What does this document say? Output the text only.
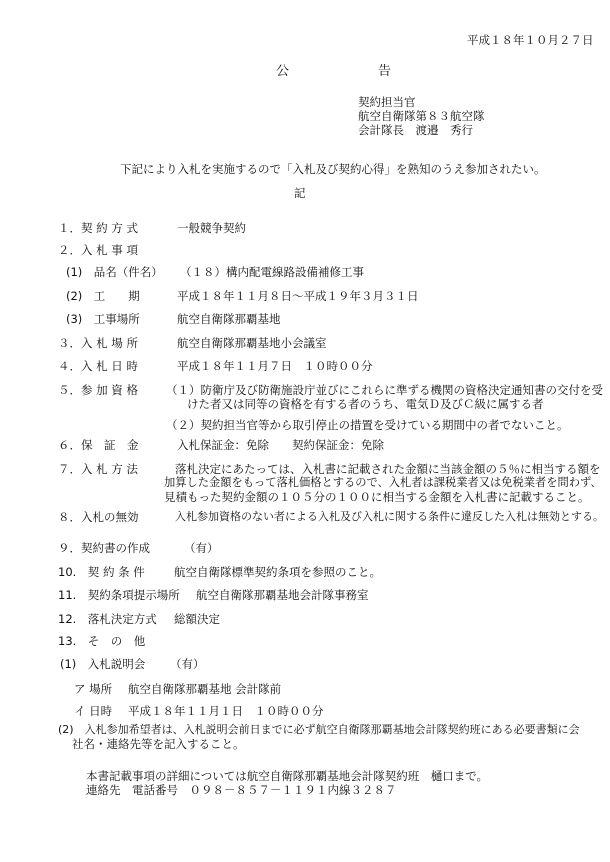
平成１８年１０月２７日
公　告
契約担当官
航空自衛隊第８３航空隊
会計隊長　渡邉　秀行
下記により入札を実施するので「入札及び契約心得」を熟知のうえ参加されたい。
記
１．契 約 方 式	一般競争契約
２．入 札 事 項
(1)　品名（件名） （１８）構内配電線路設備補修工事
(2)　工　　期	平成１８年１１月８日～平成１９年３月３１日
(3)　工事場所	航空自衛隊那覇基地
３．入 札 場 所	航空自衛隊那覇基地小会議室
４．入 札 日 時	平成１８年１１月７日　１０時００分
５．参 加 資 格 （１）防衛庁及び防衛施設庁並びにこれらに準ずる機関の資格決定通知書の交付を受
けた者又は同等の資格を有する者のうち、電気Ｄ及びＣ級に属する者
（２）契約担当官等から取引停止の措置を受けている期間中の者でないこと。
６．保　証　金	入札保証金：免除　　契約保証金：免除
７．入 札 方 法	落札決定にあたっては、入札書に記載された金額に当該金額の５％に相当する額を
加算した金額をもって落札価格とするので、入札者は課税業者又は免税業者を問わず、
見積もった契約金額の１０５分の１００に相当する金額を入札書に記載すること。
８．入札の無効	入札参加資格のない者による入札及び入札に関する条件に違反した入札は無効とする。
９．契約書の作成	（有）
10.　契 約 条 件	航空自衛隊標準契約条項を参照のこと。
11.　契約条項提示場所 航空自衛隊那覇基地会計隊事務室
12.　落札決定方式 総額決定
13.　そ　の　他
(1)　入札説明会 （有）
ア 場所 航空自衛隊那覇基地 会計隊前
イ 日時 平成１８年１１月１日　１０時００分
(2)　入札参加希望者は、入札説明会前日までに必ず航空自衛隊那覇基地会計隊契約班にある必要書類に会
社名・連絡先等を記入すること。
本書記載事項の詳細については航空自衛隊那覇基地会計隊契約班　樋口まで。
連絡先　電話番号　０９８－８５７－１１９１内線３２８７
